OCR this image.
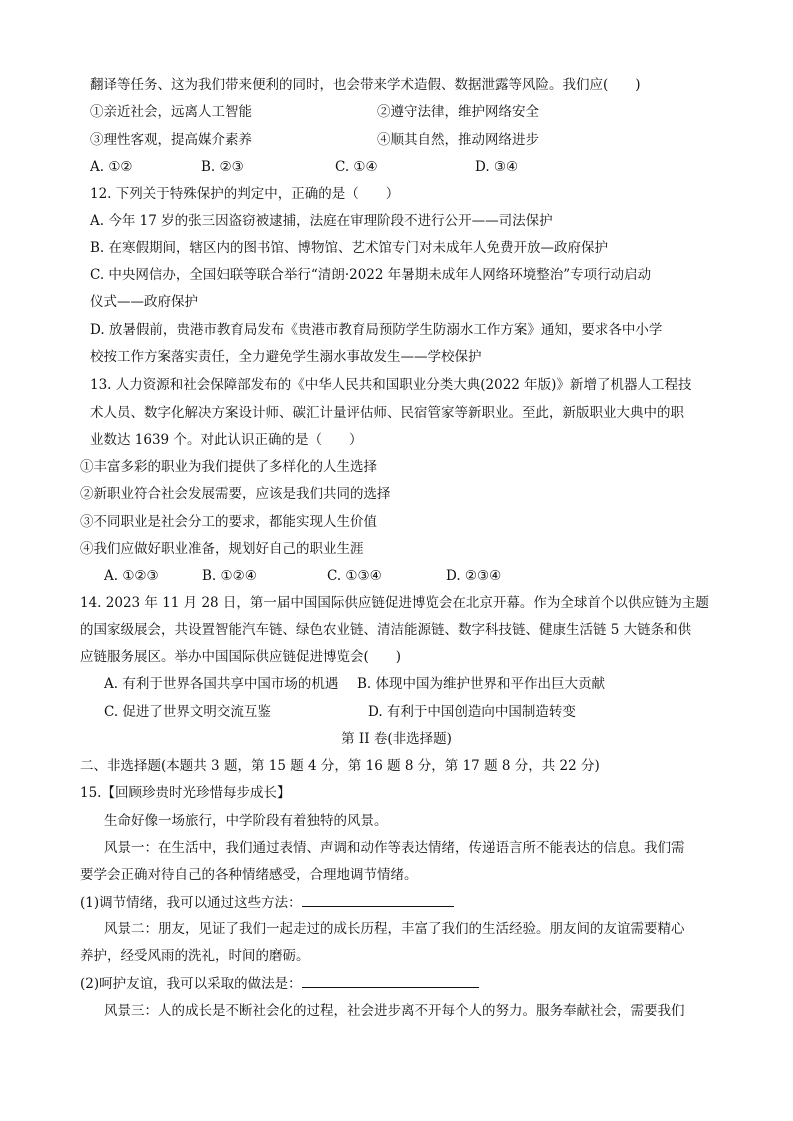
翻译等任务、这为我们带来便利的同时，也会带来学术造假、数据泄露等风险。我们应(　　)
①亲近社会，远离人工智能	②遵守法律，维护网络安全
③理性客观，提高媒介素养	④顺其自然，推动网络进步
A. ①②	B. ②③	C. ①④	D. ③④
12. 下列关于特殊保护的判定中，正确的是（　　）
A. 今年 17 岁的张三因盗窃被逮捕，法庭在审理阶段不进行公开——司法保护
B. 在寒假期间，辖区内的图书馆、博物馆、艺术馆专门对未成年人免费开放—政府保护
C. 中央网信办，全国妇联等联合举行“清朗·2022 年暑期未成年人网络环境整治”专项行动启动
仪式——政府保护
D. 放暑假前，贵港市教育局发布《贵港市教育局预防学生防溺水工作方案》通知，要求各中小学
校按工作方案落实责任，全力避免学生溺水事故发生——学校保护
13. 人力资源和社会保障部发布的《中华人民共和国职业分类大典(2022 年版)》新增了机器人工程技
术人员、数字化解决方案设计师、碳汇计量评估师、民宿管家等新职业。至此，新版职业大典中的职
业数达 1639 个。对此认识正确的是（　　）
①丰富多彩的职业为我们提供了多样化的人生选择
②新职业符合社会发展需要，应该是我们共同的选择
③不同职业是社会分工的要求，都能实现人生价值
④我们应做好职业准备，规划好自己的职业生涯
A. ①②③	B. ①②④	C. ①③④	D. ②③④
14. 2023 年 11 月 28 日，第一届中国国际供应链促进博览会在北京开幕。作为全球首个以供应链为主题
的国家级展会，共设置智能汽车链、绿色农业链、清洁能源链、数字科技链、健康生活链 5 大链条和供
应链服务展区。举办中国国际供应链促进博览会(　　)
A. 有利于世界各国共享中国市场的机遇 B. 体现中国为维护世界和平作出巨大贡献
C. 促进了世界文明交流互鉴	D. 有利于中国创造向中国制造转变
第 II 卷(非选择题)
二、非选择题(本题共 3 题，第 15 题 4 分，第 16 题 8 分，第 17 题 8 分，共 22 分)
15.【回顾珍贵时光珍惜每步成长】
生命好像一场旅行，中学阶段有着独特的风景。
风景一：在生活中，我们通过表情、声调和动作等表达情绪，传递语言所不能表达的信息。我们需
要学会正确对待自己的各种情绪感受，合理地调节情绪。
(1)调节情绪，我可以通过这些方法：
风景二：朋友，见证了我们一起走过的成长历程，丰富了我们的生活经验。朋友间的友谊需要精心
养护，经受风雨的洗礼，时间的磨砺。
(2)呵护友谊，我可以采取的做法是：
风景三：人的成长是不断社会化的过程，社会进步离不开每个人的努力。服务奉献社会，需要我们
